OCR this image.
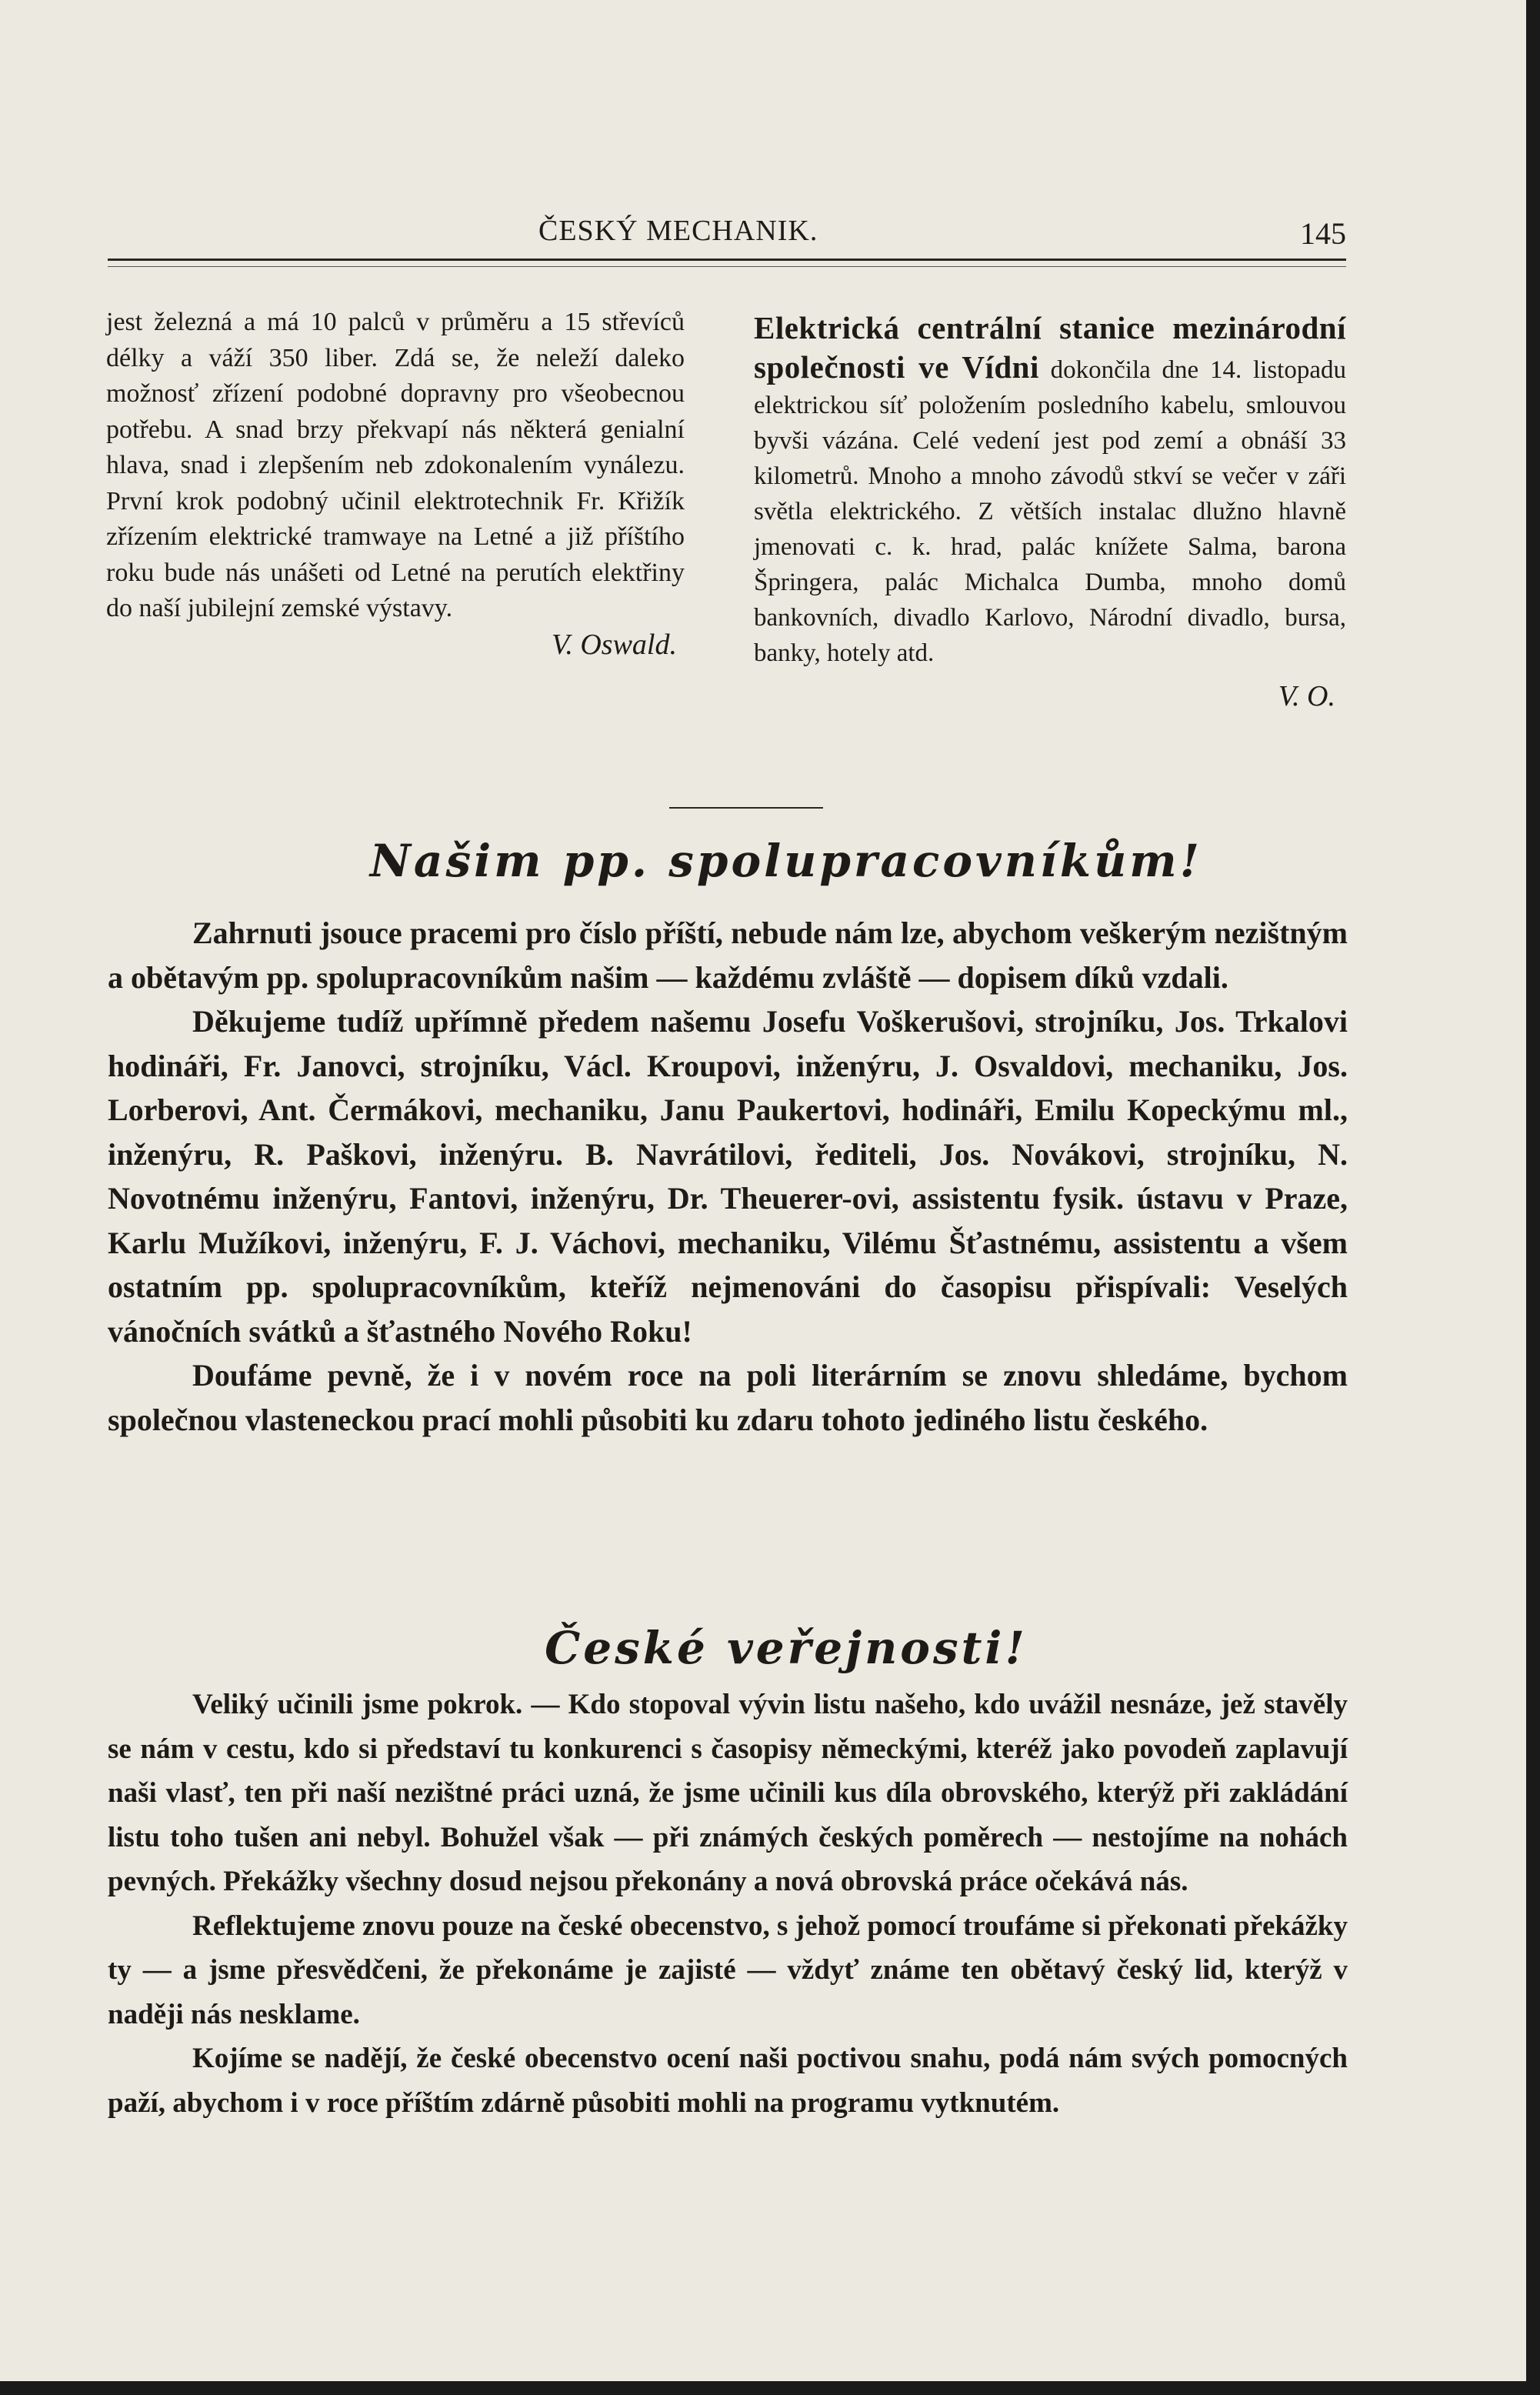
ČESKÝ MECHANIK.	145
jest železná a má 10 palců v průměru a 15 střevíců délky a váží 350 liber. Zdá se, že neleží daleko možnosť zřízení podobné dopravny pro všeobecnou potřebu. A snad brzy překvapí nás některá genialní hlava, snad i zlepšením neb zdokonalením vynálezu. První krok podobný učinil elektrotechnik Fr. Křižík zřízením elektrické tramwaye na Letné a již příštího roku bude nás unášeti od Letné na perutích elektřiny do naší jubilejní zemské výstavy.
V. Oswald.
Elektrická centrální stanice mezinárodní společnosti ve Vídni dokončila dne 14. listopadu elektrickou síť položením posledního kabelu, smlouvou byvši vázána. Celé vedení jest pod zemí a obnáší 33 kilometrů. Mnoho a mnoho závodů stkví se večer v záři světla elektrického. Z větších instalac dlužno hlavně jmenovati c. k. hrad, palác knížete Salma, barona Špringera, palác Michalca Dumba, mnoho domů bankovních, divadlo Karlovo, Národní divadlo, bursa, banky, hotely atd.
V. O.
Našim pp. spolupracovníkům!

Zahrnuti jsouce pracemi pro číslo příští, nebude nám lze, abychom veškerým nezištným a obětavým pp. spolupracovníkům našim — každému zvláště — dopisem díků vzdali.

Děkujeme tudíž upřímně předem našemu Josefu Voškerušovi, strojníku, Jos. Trkalovi hodináři, Fr. Janovci, strojníku, Václ. Kroupovi, inženýru, J. Osvaldovi, mechaniku, Jos. Lorberovi, Ant. Čermákovi, mechaniku, Janu Paukertovi, hodináři, Emilu Kopeckýmu ml., inženýru, R. Paškovi, inženýru. B. Navrátilovi, řediteli, Jos. Novákovi, strojníku, N. Novotnému inženýru, Fantovi, inženýru, Dr. Theuerer-ovi, assistentu fysik. ústavu v Praze, Karlu Mužíkovi, inženýru, F. J. Váchovi, mechaniku, Vilému Šťastnému, assistentu a všem ostatním pp. spolupracovníkům, kteříž nejmenováni do časopisu přispívali: Veselých vánočních svátků a šťastného Nového Roku!

Doufáme pevně, že i v novém roce na poli literárním se znovu shledáme, bychom společnou vlasteneckou prací mohli působiti ku zdaru tohoto jediného listu českého.

České veřejnosti!

Veliký učinili jsme pokrok. — Kdo stopoval vývin listu našeho, kdo uvážil nesnáze, jež stavěly se nám v cestu, kdo si představí tu konkurenci s časopisy německými, kteréž jako povodeň zaplavují naši vlasť, ten při naší nezištné práci uzná, že jsme učinili kus díla obrovského, kterýž při zakládání listu toho tušen ani nebyl. Bohužel však — při známých českých poměrech — nestojíme na nohách pevných. Překážky všechny dosud nejsou překonány a nová obrovská práce očekává nás.

Reflektujeme znovu pouze na české obecenstvo, s jehož pomocí troufáme si překonati překážky ty — a jsme přesvědčeni, že překonáme je zajisté — vždyť známe ten obětavý český lid, kterýž v naději nás nesklame.

Kojíme se nadějí, že české obecenstvo ocení naši poctivou snahu, podá nám svých pomocných paží, abychom i v roce příštím zdárně působiti mohli na programu vytknutém.
